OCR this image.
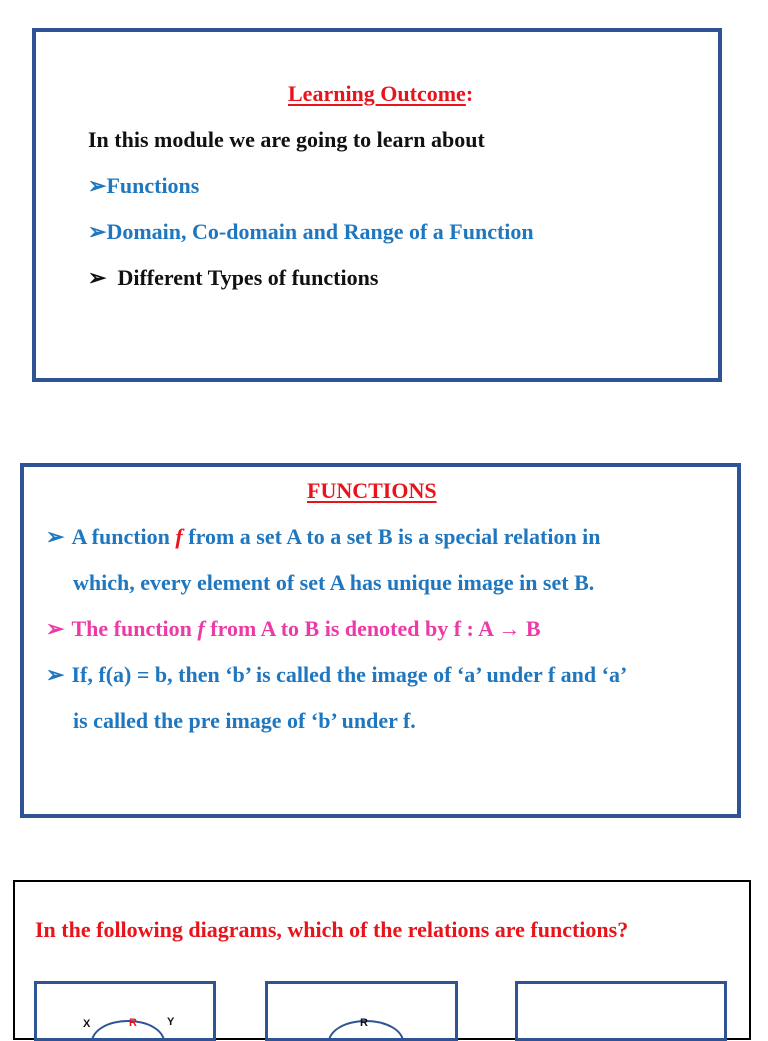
Learning Outcome:
In this module we are going to learn about
➢Functions
➢Domain, Co-domain and Range of a Function
➢ Different Types of functions
FUNCTIONS
➢ A function f from a set A to a set B is a special relation in
which, every element of set A has unique image in set B.
➢ The function f from A to B is denoted by f : A → B
➢ If, f(a) = b, then ‘b’ is called the image of ‘a’ under f and ‘a’
is called the pre image of ‘b’ under f.
In the following diagrams, which of the relations are functions?
X	R	Y	R
